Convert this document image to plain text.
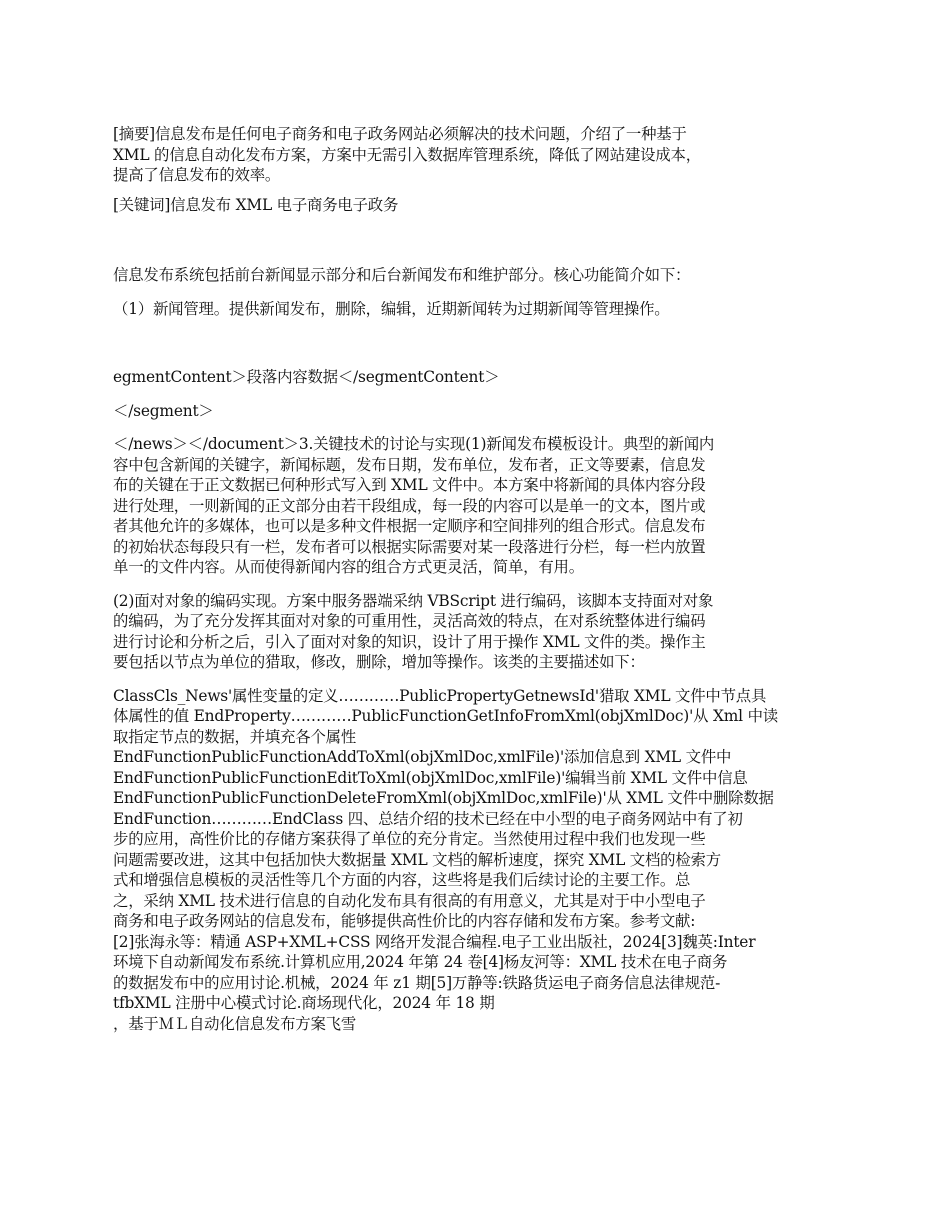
[摘要]信息发布是任何电子商务和电子政务网站必须解决的技术问题，介绍了一种基于
XML 的信息自动化发布方案，方案中无需引入数据库管理系统，降低了网站建设成本，
提高了信息发布的效率。

[关键词]信息发布 XML 电子商务电子政务

信息发布系统包括前台新闻显示部分和后台新闻发布和维护部分。核心功能简介如下：

（1）新闻管理。提供新闻发布，删除，编辑，近期新闻转为过期新闻等管理操作。

egmentContent＞段落内容数据＜/segmentContent＞

＜/segment＞

＜/news＞＜/document＞3.关键技术的讨论与实现(1)新闻发布模板设计。典型的新闻内
容中包含新闻的关键字，新闻标题，发布日期，发布单位，发布者，正文等要素，信息发
布的关键在于正文数据已何种形式写入到 XML 文件中。本方案中将新闻的具体内容分段
进行处理，一则新闻的正文部分由若干段组成，每一段的内容可以是单一的文本，图片或
者其他允许的多媒体，也可以是多种文件根据一定顺序和空间排列的组合形式。信息发布
的初始状态每段只有一栏，发布者可以根据实际需要对某一段落进行分栏，每一栏内放置
单一的文件内容。从而使得新闻内容的组合方式更灵活，简单，有用。

(2)面对对象的编码实现。方案中服务器端采纳 VBScript 进行编码，该脚本支持面对对象
的编码，为了充分发挥其面对对象的可重用性，灵活高效的特点，在对系统整体进行编码
进行讨论和分析之后，引入了面对对象的知识，设计了用于操作 XML 文件的类。操作主
要包括以节点为单位的猎取，修改，删除，增加等操作。该类的主要描述如下：

ClassCls_News'属性变量的定义…………PublicPropertyGetnewsId'猎取 XML 文件中节点具
体属性的值 EndProperty…………PublicFunctionGetInfoFromXml(objXmlDoc)'从 Xml 中读
取指定节点的数据，并填充各个属性
EndFunctionPublicFunctionAddToXml(objXmlDoc,xmlFile)'添加信息到 XML 文件中
EndFunctionPublicFunctionEditToXml(objXmlDoc,xmlFile)'编辑当前 XML 文件中信息
EndFunctionPublicFunctionDeleteFromXml(objXmlDoc,xmlFile)'从 XML 文件中删除数据
EndFunction…………EndClass 四、总结介绍的技术已经在中小型的电子商务网站中有了初
步的应用，高性价比的存储方案获得了单位的充分肯定。当然使用过程中我们也发现一些
问题需要改进，这其中包括加快大数据量 XML 文档的解析速度，探究 XML 文档的检索方
式和增强信息模板的灵活性等几个方面的内容，这些将是我们后续讨论的主要工作。总
之，采纳 XML 技术进行信息的自动化发布具有很高的有用意义，尤其是对于中小型电子
商务和电子政务网站的信息发布，能够提供高性价比的内容存储和发布方案。参考文献:
[2]张海永等：精通 ASP+XML+CSS 网络开发混合编程.电子工业出版社，2024[3]魏英:Inter
环境下自动新闻发布系统.计算机应用,2024 年第 24 卷[4]杨友河等：XML 技术在电子商务
的数据发布中的应用讨论.机械，2024 年 z1 期[5]万静等:铁路货运电子商务信息法律规范-
tfbXML 注册中心模式讨论.商场现代化，2024 年 18 期
，基于ＭＬ自动化信息发布方案飞雪
